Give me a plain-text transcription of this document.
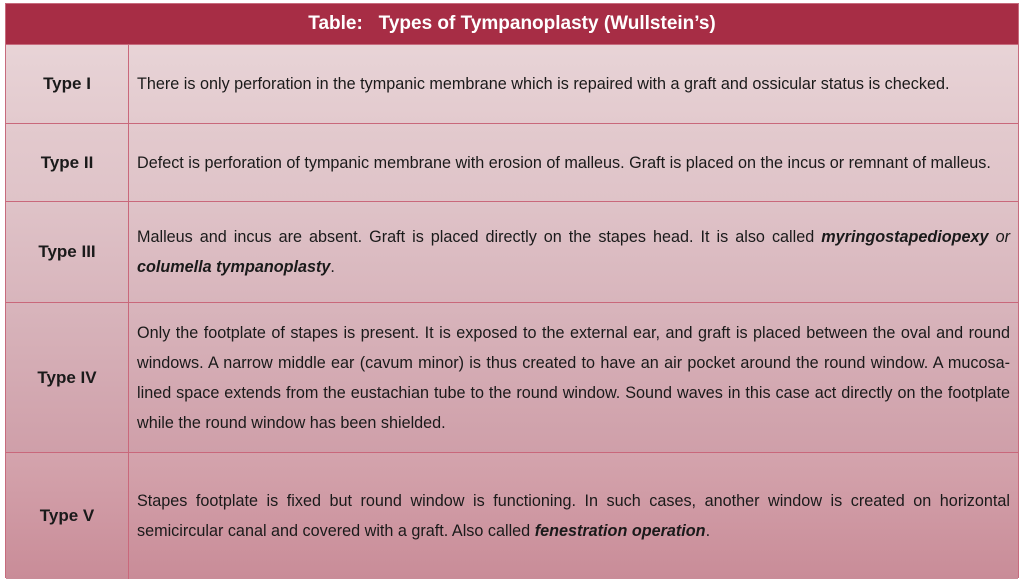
Table:   Types of Tympanoplasty (Wullstein’s)
Type I	There is only perforation in the tympanic membrane which is repaired with a graft and ossicular status is checked.

Type II	Defect is perforation of tympanic membrane with erosion of malleus. Graft is placed on the incus or remnant of malleus.

Type III

Malleus and incus are absent. Graft is placed directly on the stapes head. It is also called myringostapediopexy or columella tympanoplasty.

Type IV

Only the footplate of stapes is present. It is exposed to the external ear, and graft is placed between the oval and round windows. A narrow middle ear (cavum minor) is thus created to have an air pocket around the round window. A mucosa-lined space extends from the eustachian tube to the round window. Sound waves in this case act directly on the footplate while the round window has been shielded.

Type V

Stapes footplate is fixed but round window is functioning. In such cases, another window is created on horizontal semicircular canal and covered with a graft. Also called fenestration operation.
